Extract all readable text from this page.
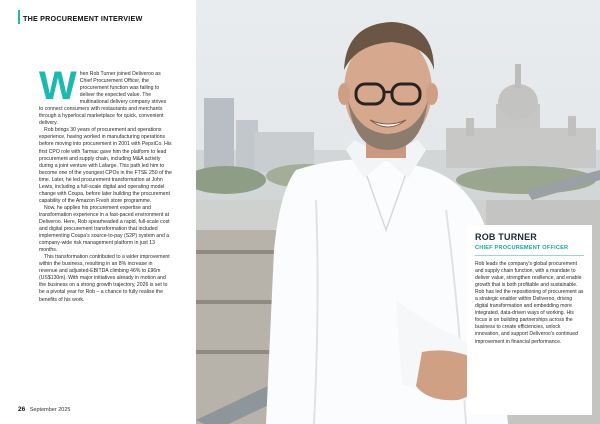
THE PROCUREMENT INTERVIEW
W hen Rob Turner joined Deliveroo as Chief Procurement Officer, the procurement function was failing to deliver the expected value. The multinational delivery company strives to connect consumers with restaurants and merchants through a hyperlocal marketplace for quick, convenient delivery.

Rob brings 30 years of procurement and operations experience, having worked in manufacturing operations before moving into procurement in 2001 with PepsiCo. His first CPO role with Tarmac gave him the platform to lead procurement and supply chain, including M&A activity during a joint venture with Lafarge. This path led him to become one of the youngest CPOs in the FTSE 250 of the time. Later, he led procurement transformation at John Lewis, including a full-scale digital and operating model change with Coupa, before later building the procurement capability of the Amazon Fresh store programme.

Now, he applies his procurement expertise and transformation experience in a fast-paced environment at Deliveroo. Here, Rob spearheaded a rapid, full-scale cost and digital procurement transformation that included implementing Coupa's source-to-pay (S2P) system and a company-wide risk management platform in just 13 months.

This transformation contributed to a wider improvement within the business, resulting in an 8% increase in revenue and adjusted-EBITDA climbing 46% to £96m (US$130m). With major initiatives already in motion and the business on a strong growth trajectory, 2026 is set to be a pivotal year for Rob – a chance to fully realise the benefits of his work.

26 September 2025
ROB TURNER
CHIEF PROCUREMENT OFFICER
Rob leads the company's global procurement and supply chain function, with a mandate to deliver value, strengthen resilience, and enable growth that is both profitable and sustainable. Rob has led the repositioning of procurement as a strategic enabler within Deliveroo, driving digital transformation and embedding more integrated, data-driven ways of working. His focus is on building partnerships across the business to create efficiencies, unlock innovation, and support Deliveroo's continued improvement in financial performance.
